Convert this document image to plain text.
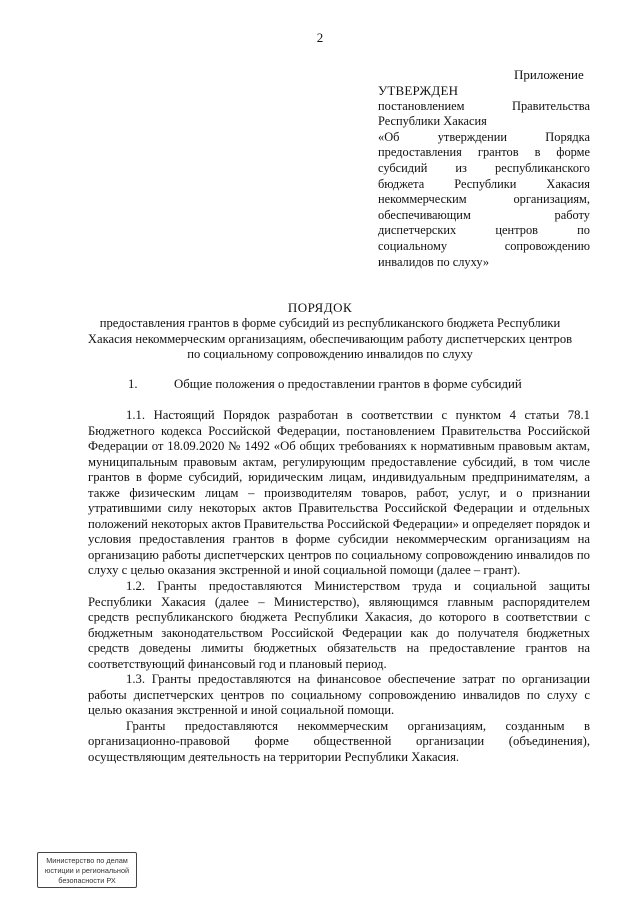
2
Приложение
УТВЕРЖДЕН
постановлением Правительства
Республики Хакасия
«Об утверждении Порядка
предоставления грантов в форме
субсидий из республиканского
бюджета Республики Хакасия
некоммерческим организациям,
обеспечивающим работу
диспетчерских центров по
социальному сопровождению
инвалидов по слуху»
ПОРЯДОК
предоставления грантов в форме субсидий из республиканского бюджета Республики Хакасия некоммерческим организациям, обеспечивающим работу диспетчерских центров по социальному сопровождению инвалидов по слуху
1.	Общие положения о предоставлении грантов в форме субсидий

1.1. Настоящий Порядок разработан в соответствии с пунктом 4 статьи 78.1 Бюджетного кодекса Российской Федерации, постановлением Правительства Российской Федерации от 18.09.2020 № 1492 «Об общих требованиях к нормативным правовым актам, муниципальным правовым актам, регулирующим предоставление субсидий, в том числе грантов в форме субсидий, юридическим лицам, индивидуальным предпринимателям, а также физическим лицам – производителям товаров, работ, услуг, и о признании утратившими силу некоторых актов Правительства Российской Федерации и отдельных положений некоторых актов Правительства Российской Федерации» и определяет порядок и условия предоставления грантов в форме субсидии некоммерческим организациям на организацию работы диспетчерских центров по социальному сопровождению инвалидов по слуху с целью оказания экстренной и иной социальной помощи (далее – грант).

1.2. Гранты предоставляются Министерством труда и социальной защиты Республики Хакасия (далее – Министерство), являющимся главным распорядителем средств республиканского бюджета Республики Хакасия, до которого в соответствии с бюджетным законодательством Российской Федерации как до получателя бюджетных средств доведены лимиты бюджетных обязательств на предоставление грантов на соответствующий финансовый год и плановый период.

1.3. Гранты предоставляются на финансовое обеспечение затрат по организации работы диспетчерских центров по социальному сопровождению инвалидов по слуху с целью оказания экстренной и иной социальной помощи.

Гранты предоставляются некоммерческим организациям, созданным в организационно-правовой форме общественной организации (объединения), осуществляющим деятельность на территории Республики Хакасия.

Министерство по делам
юстиции и региональной
безопасности РХ
